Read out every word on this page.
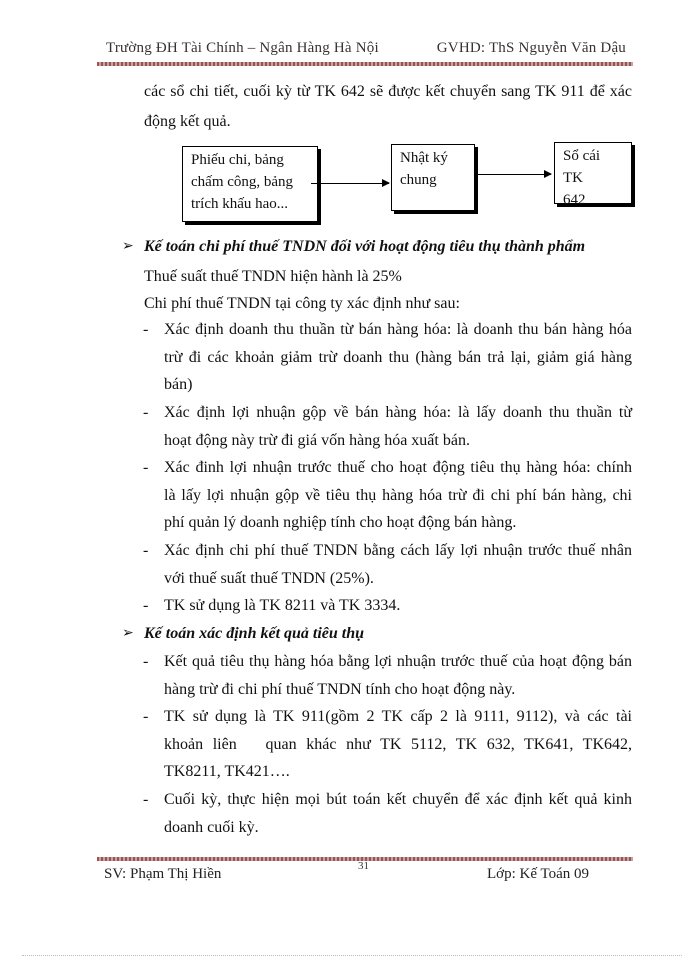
Trường ĐH Tài Chính – Ngân Hàng Hà Nội	GVHD: ThS Nguyễn Văn Dậu
các sổ chi tiết, cuối kỳ từ TK 642 sẽ được kết chuyển sang TK 911 để xác
động kết quả.
Phiếu chi, bảng
chấm công, bảng
trích khấu hao...
Nhật ký
chung
Sổ cái TK
642
➢ Kế toán chi phí thuế TNDN đối với hoạt động tiêu thụ thành phẩm
Thuế suất thuế TNDN hiện hành là 25%
Chi phí thuế TNDN tại công ty xác định như sau:
- Xác định doanh thu thuần từ bán hàng hóa: là doanh thu bán hàng hóa
trừ đi các khoản giảm trừ doanh thu (hàng bán trả lại, giảm giá hàng
bán)
- Xác định lợi nhuận gộp về bán hàng hóa: là lấy doanh thu thuần từ
hoạt động này trừ đi giá vốn hàng hóa xuất bán.
- Xác đinh lợi nhuận trước thuế cho hoạt động tiêu thụ hàng hóa: chính
là lấy lợi nhuận gộp về tiêu thụ hàng hóa trừ đi chi phí bán hàng, chi
phí quản lý doanh nghiệp tính cho hoạt động bán hàng.
- Xác định chi phí thuế TNDN bằng cách lấy lợi nhuận trước thuế nhân
với thuế suất thuế TNDN (25%).
- TK sử dụng là TK 8211 và TK 3334.
➢ Kế toán xác định kết quả tiêu thụ
- Kết quả tiêu thụ hàng hóa bằng lợi nhuận trước thuế của hoạt động bán
hàng trừ đi chi phí thuế TNDN tính cho hoạt động này.
- TK sử dụng là TK 911(gồm 2 TK cấp 2 là 9111, 9112), và các tài
khoản liên   quan khác như TK 5112, TK 632, TK641, TK642,
TK8211, TK421….
- Cuối kỳ, thực hiện mọi bút toán kết chuyển để xác định kết quả kinh
doanh cuối kỳ.
31
SV: Phạm Thị Hiền	Lớp: Kế Toán 09
